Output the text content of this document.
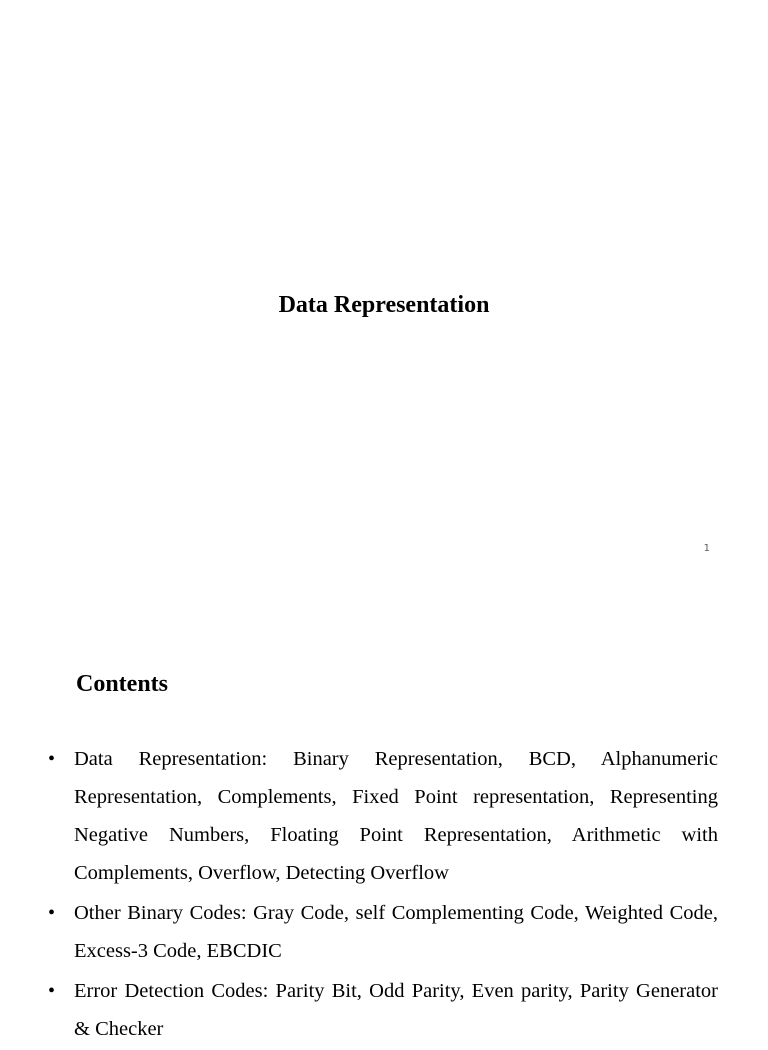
Data Representation
1
Contents
• Data Representation: Binary Representation, BCD, Alphanumeric Representation, Complements, Fixed Point representation, Representing Negative Numbers, Floating Point Representation, Arithmetic with Complements, Overflow, Detecting Overflow
• Other Binary Codes: Gray Code, self Complementing Code, Weighted Code, Excess-3 Code, EBCDIC
• Error Detection Codes: Parity Bit, Odd Parity, Even parity, Parity Generator & Checker
